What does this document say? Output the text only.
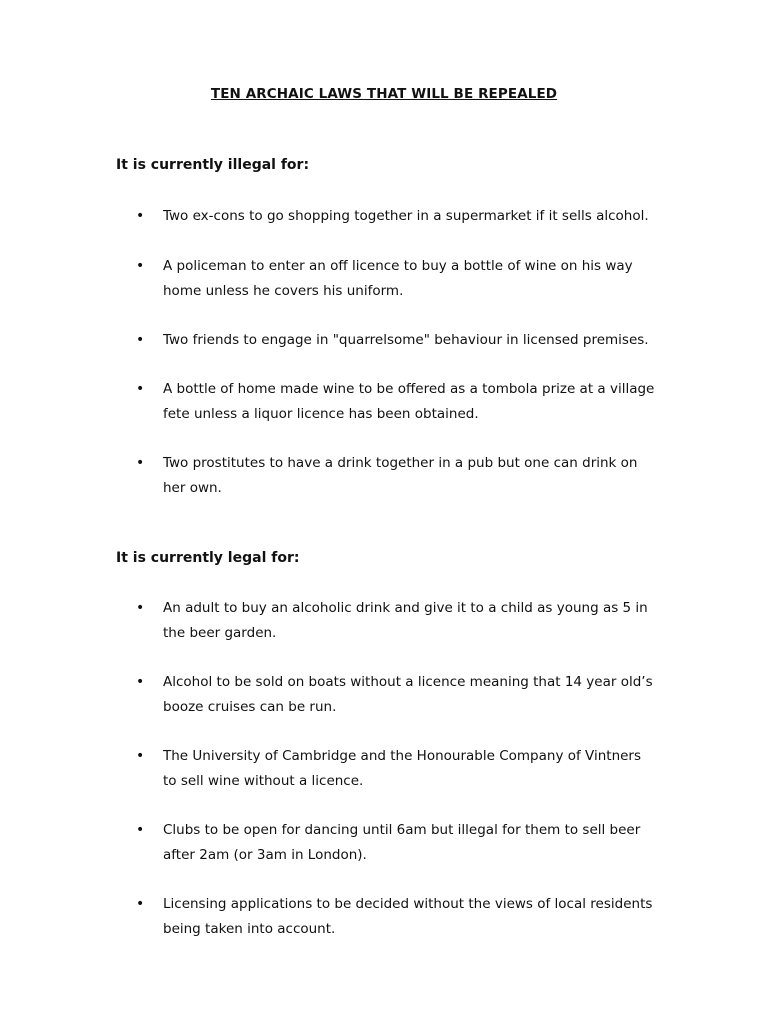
TEN ARCHAIC LAWS THAT WILL BE REPEALED
It is currently illegal for:
• Two ex-cons to go shopping together in a supermarket if it sells alcohol.
• A policeman to enter an off licence to buy a bottle of wine on his way home unless he covers his uniform.
• Two friends to engage in "quarrelsome" behaviour in licensed premises.
• A bottle of home made wine to be offered as a tombola prize at a village fete unless a liquor licence has been obtained.
• Two prostitutes to have a drink together in a pub but one can drink on her own.
It is currently legal for:
• An adult to buy an alcoholic drink and give it to a child as young as 5 in the beer garden.
• Alcohol to be sold on boats without a licence meaning that 14 year old’s booze cruises can be run.
• The University of Cambridge and the Honourable Company of Vintners to sell wine without a licence.
• Clubs to be open for dancing until 6am but illegal for them to sell beer after 2am (or 3am in London).
• Licensing applications to be decided without the views of local residents being taken into account.
